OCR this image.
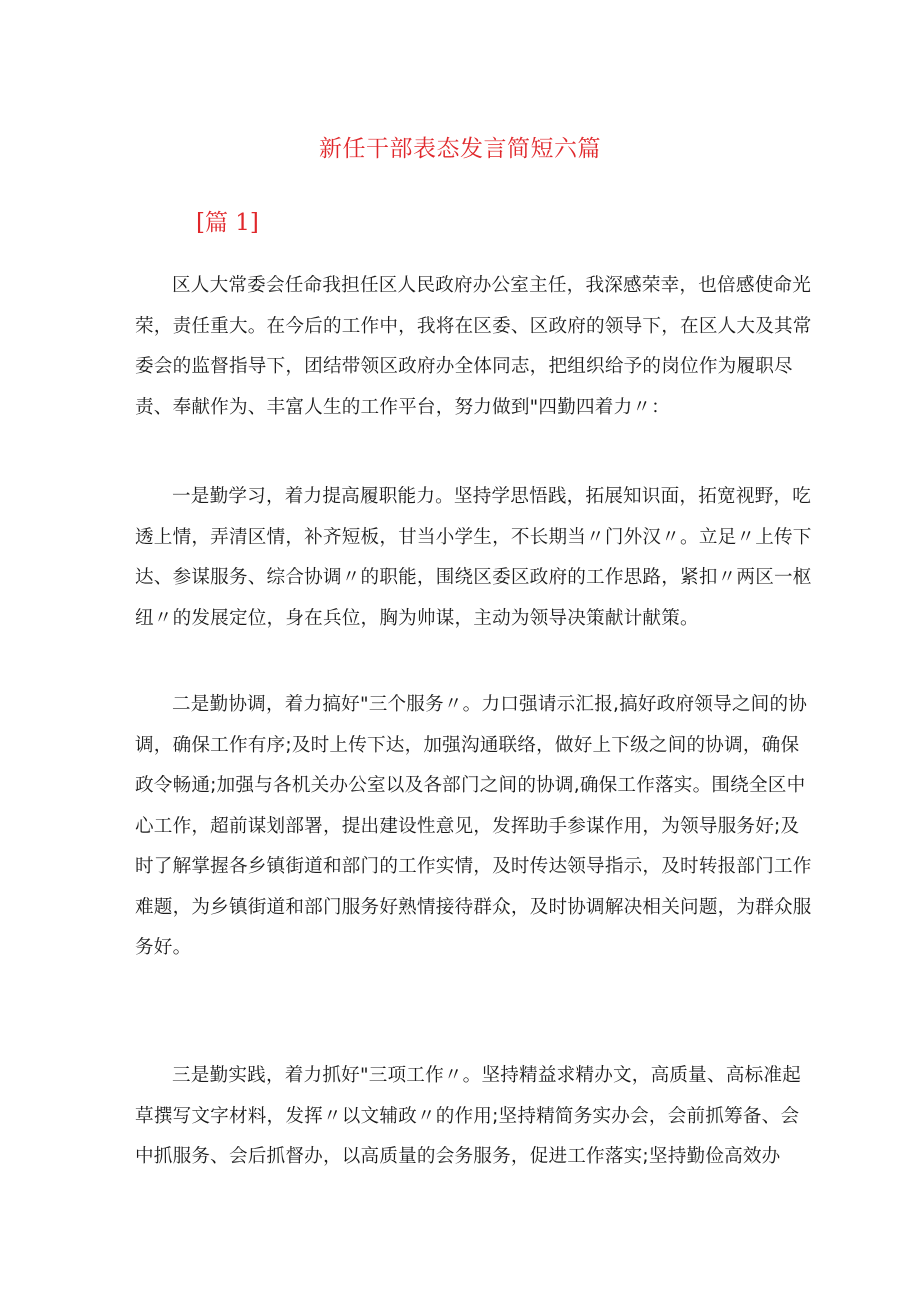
新任干部表态发言简短六篇
[篇 1]

区人大常委会任命我担任区人民政府办公室主任，我深感荣幸，也倍感使命光荣，责任重大。在今后的工作中，我将在区委、区政府的领导下，在区人大及其常委会的监督指导下，团结带领区政府办全体同志，把组织给予的岗位作为履职尽责、奉献作为、丰富人生的工作平台，努力做到"四勤四着力〃：

一是勤学习，着力提高履职能力。坚持学思悟践，拓展知识面，拓宽视野，吃透上情，弄清区情，补齐短板，甘当小学生，不长期当〃门外汉〃。立足〃上传下达、参谋服务、综合协调〃的职能，围绕区委区政府的工作思路，紧扣〃两区一枢纽〃的发展定位，身在兵位，胸为帅谋，主动为领导决策献计献策。

二是勤协调，着力搞好"三个服务〃。力口强请示汇报,搞好政府领导之间的协调，确保工作有序;及时上传下达，加强沟通联络，做好上下级之间的协调，确保政令畅通;加强与各机关办公室以及各部门之间的协调,确保工作落实。围绕全区中心工作，超前谋划部署，提出建设性意见，发挥助手参谋作用，为领导服务好;及时了解掌握各乡镇街道和部门的工作实情，及时传达领导指示，及时转报部门工作难题，为乡镇街道和部门服务好熟情接待群众，及时协调解决相关问题，为群众服务好。

三是勤实践，着力抓好"三项工作〃。坚持精益求精办文，高质量、高标准起草撰写文字材料，发挥〃以文辅政〃的作用;坚持精简务实办会，会前抓筹备、会中抓服务、会后抓督办，以高质量的会务服务，促进工作落实;坚持勤俭高效办
